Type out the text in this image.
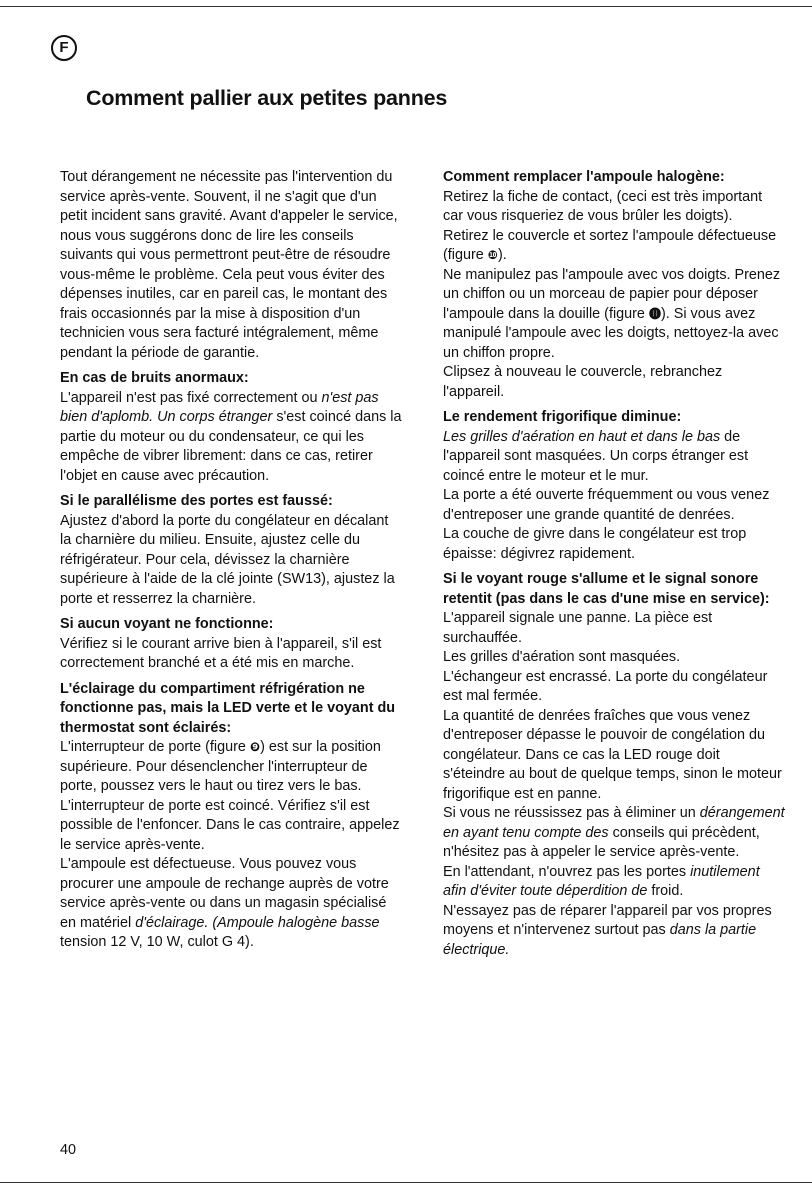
F
Comment pallier aux petites pannes

Tout dérangement ne nécessite pas l'intervention du service après-vente. Souvent, il ne s'agit que d'un petit incident sans gravité. Avant d'appeler le service, nous vous suggérons donc de lire les conseils suivants qui vous permettront peut-être de résoudre vous-même le problème. Cela peut vous éviter des dépenses inutiles, car en pareil cas, le montant des frais occasionnés par la mise à disposition d'un technicien vous sera facturé intégralement, même pendant la période de garantie.

En cas de bruits anormaux:
L'appareil n'est pas fixé correctement ou n'est pas bien d'aplomb. Un corps étranger s'est coincé dans la partie du moteur ou du condensateur, ce qui les empêche de vibrer librement: dans ce cas, retirer l'objet en cause avec précaution.

Si le parallélisme des portes est faussé:
Ajustez d'abord la porte du congélateur en décalant la charnière du milieu. Ensuite, ajustez celle du réfrigérateur. Pour cela, dévissez la charnière supérieure à l'aide de la clé jointe (SW13), ajustez la porte et resserrez la charnière.

Si aucun voyant ne fonctionne:
Vérifiez si le courant arrive bien à l'appareil, s'il est correctement branché et a été mis en marche.

L'éclairage du compartiment réfrigération ne fonctionne pas, mais la LED verte et le voyant du thermostat sont éclairés:
L'interrupteur de porte (figure ❾) est sur la position supérieure. Pour désenclencher l'interrupteur de porte, poussez vers le haut ou tirez vers le bas.

L'interrupteur de porte est coincé. Vérifiez s'il est possible de l'enfoncer. Dans le cas contraire, appelez le service après-vente.

L'ampoule est défectueuse. Vous pouvez vous procurer une ampoule de rechange auprès de votre service après-vente ou dans un magasin spécialisé en matériel d'éclairage. (Ampoule halogène basse tension 12 V, 10 W, culot G 4).

Comment remplacer l'ampoule halogène:
Retirez la fiche de contact, (ceci est très important car vous risqueriez de vous brûler les doigts).

Retirez le couvercle et sortez l'ampoule défectueuse (figure ❿).

Ne manipulez pas l'ampoule avec vos doigts. Prenez un chiffon ou un morceau de papier pour déposer l'ampoule dans la douille (figure ⓫). Si vous avez manipulé l'ampoule avec les doigts, nettoyez-la avec un chiffon propre.

Clipsez à nouveau le couvercle, rebranchez l'appareil.

Le rendement frigorifique diminue:
Les grilles d'aération en haut et dans le bas de l'appareil sont masquées. Un corps étranger est coincé entre le moteur et le mur.

La porte a été ouverte fréquemment ou vous venez d'entreposer une grande quantité de denrées.

La couche de givre dans le congélateur est trop épaisse: dégivrez rapidement.

Si le voyant rouge s'allume et le signal sonore retentit (pas dans le cas d'une mise en service):
L'appareil signale une panne. La pièce est surchauffée.

Les grilles d'aération sont masquées.

L'échangeur est encrassé. La porte du congélateur est mal fermée.

La quantité de denrées fraîches que vous venez d'entreposer dépasse le pouvoir de congélation du congélateur. Dans ce cas la LED rouge doit s'éteindre au bout de quelque temps, sinon le moteur frigorifique est en panne.

Si vous ne réussissez pas à éliminer un dérangement en ayant tenu compte des conseils qui précèdent, n'hésitez pas à appeler le service après-vente.

En l'attendant, n'ouvrez pas les portes inutilement afin d'éviter toute déperdition de froid.

N'essayez pas de réparer l'appareil par vos propres moyens et n'intervenez surtout pas dans la partie électrique.

40
